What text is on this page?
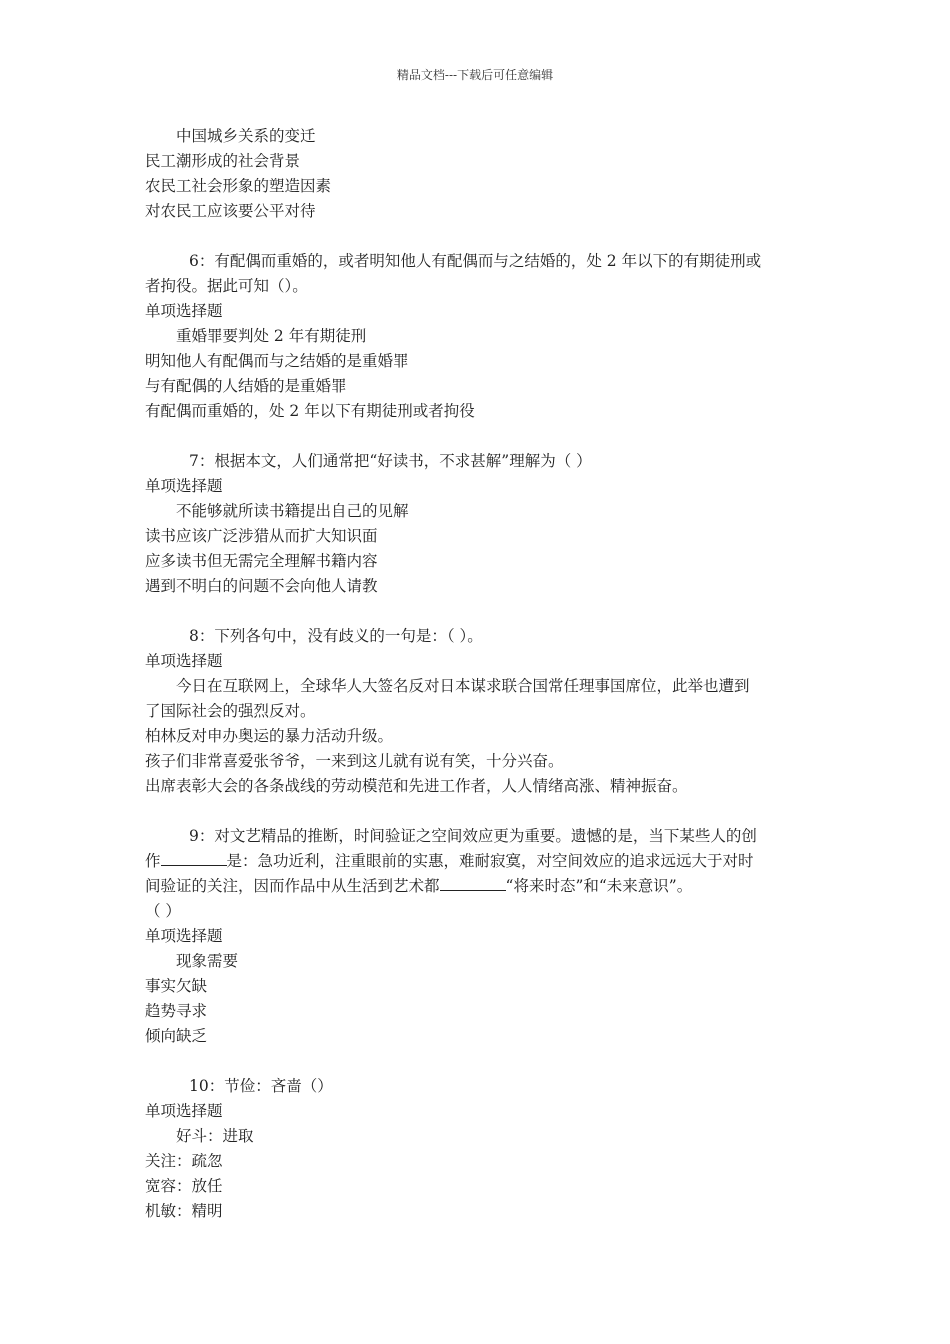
精品文档---下载后可任意编辑
中国城乡关系的变迁
民工潮形成的社会背景
农民工社会形象的塑造因素
对农民工应该要公平对待
6：有配偶而重婚的，或者明知他人有配偶而与之结婚的，处 2 年以下的有期徒刑或
者拘役。据此可知（）。
单项选择题
重婚罪要判处 2 年有期徒刑
明知他人有配偶而与之结婚的是重婚罪
与有配偶的人结婚的是重婚罪
有配偶而重婚的，处 2 年以下有期徒刑或者拘役
7：根据本文，人们通常把“好读书，不求甚解”理解为（ ）
单项选择题
不能够就所读书籍提出自己的见解
读书应该广泛涉猎从而扩大知识面
应多读书但无需完全理解书籍内容
遇到不明白的问题不会向他人请教
8：下列各句中，没有歧义的一句是：（ ）。
单项选择题
今日在互联网上，全球华人大签名反对日本谋求联合国常任理事国席位，此举也遭到
了国际社会的强烈反对。
柏林反对申办奥运的暴力活动升级。
孩子们非常喜爱张爷爷，一来到这儿就有说有笑，十分兴奋。
出席表彰大会的各条战线的劳动模范和先进工作者，人人情绪高涨、精神振奋。
9：对文艺精品的推断，时间验证之空间效应更为重要。遗憾的是，当下某些人的创
作	是：急功近利，注重眼前的实惠，难耐寂寞，对空间效应的追求远远大于对时
间验证的关注，因而作品中从生活到艺术都	“将来时态”和“未来意识”。
（ ）
单项选择题
现象需要
事实欠缺
趋势寻求
倾向缺乏
10：节俭：吝啬（）
单项选择题
好斗：进取
关注：疏忽
宽容：放任
机敏：精明
